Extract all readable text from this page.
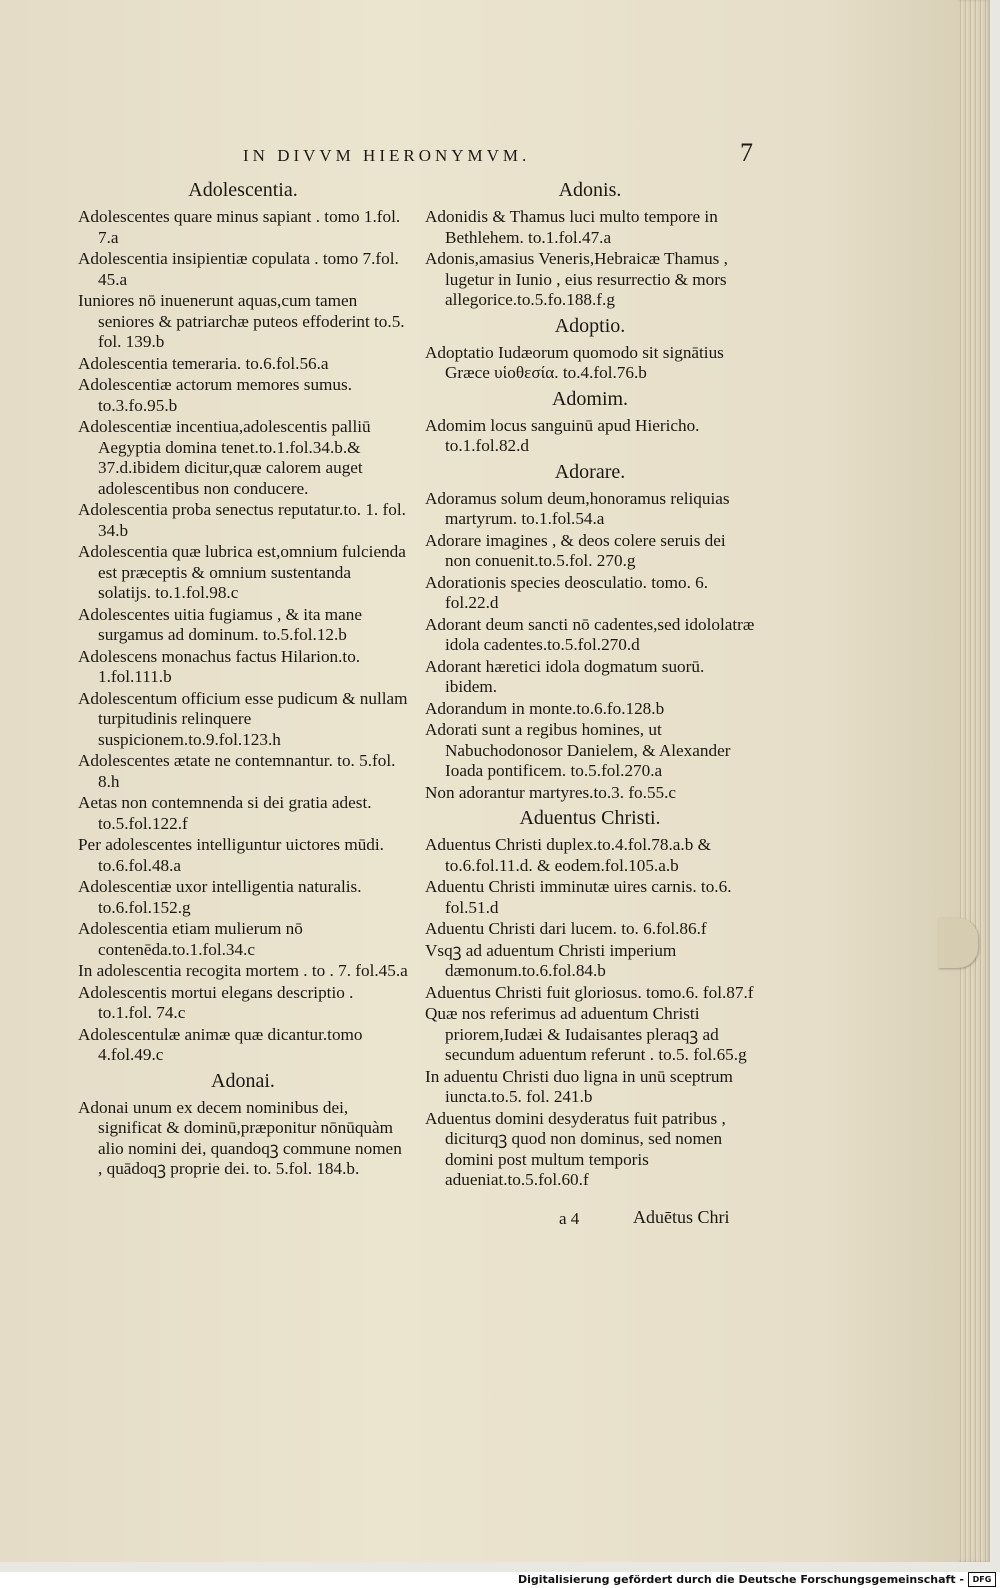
IN DIVVM HIERONYMVM.	7
Adolescentia.
Adolescentes quare minus sapiant . tomo 1.fol. 7.a
Adolescentia insipientiæ copulata . tomo 7.fol. 45.a
Iuniores nō inuenerunt aquas,cum tamen seniores & patriarchæ puteos effoderint to.5. fol. 139.b
Adolescentia temeraria. to.6.fol.56.a
Adolescentiæ actorum memores sumus. to.3.fo.95.b
Adolescentiæ incentiua,adolescentis palliū Aegyptia domina tenet.to.1.fol.34.b.& 37.d.ibidem dicitur,quæ calorem auget adolescentibus non conducere.
Adolescentia proba senectus reputatur.to. 1. fol. 34.b
Adolescentia quæ lubrica est,omnium fulcienda est præceptis & omnium sustentanda solatijs. to.1.fol.98.c
Adolescentes uitia fugiamus , & ita mane surgamus ad dominum. to.5.fol.12.b
Adolescens monachus factus Hilarion.to. 1.fol.111.b
Adolescentum officium esse pudicum & nullam turpitudinis relinquere suspicionem.to.9.fol.123.h
Adolescentes ætate ne contemnantur. to. 5.fol. 8.h
Aetas non contemnenda si dei gratia adest. to.5.fol.122.f
Per adolescentes intelliguntur uictores mūdi. to.6.fol.48.a
Adolescentiæ uxor intelligentia naturalis. to.6.fol.152.g
Adolescentia etiam mulierum nō contenēda.to.1.fol.34.c
In adolescentia recogita mortem . to . 7. fol.45.a
Adolescentis mortui elegans descriptio . to.1.fol. 74.c
Adolescentulæ animæ quæ dicantur.tomo 4.fol.49.c
Adonai.
Adonai unum ex decem nominibus dei, significat & dominū,præponitur nōnūquàm alio nomini dei, quandoqꝫ commune nomen , quādoqꝫ proprie dei. to. 5.fol. 184.b.
Adonis.
Adonidis & Thamus luci multo tempore in Bethlehem. to.1.fol.47.a
Adonis,amasius Veneris,Hebraicæ Thamus , lugetur in Iunio , eius resurrectio & mors allegorice.to.5.fo.188.f.g
Adoptio.
Adoptatio Iudæorum quomodo sit signātius Græce υἱοθεσία. to.4.fol.76.b
Adomim.
Adomim locus sanguinū apud Hiericho. to.1.fol.82.d
Adorare.
Adoramus solum deum,honoramus reliquias martyrum. to.1.fol.54.a
Adorare imagines , & deos colere seruis dei non conuenit.to.5.fol. 270.g
Adorationis species deosculatio. tomo. 6. fol.22.d
Adorant deum sancti nō cadentes,sed idololatræ idola cadentes.to.5.fol.270.d
Adorant hæretici idola dogmatum suorū. ibidem.
Adorandum in monte.to.6.fo.128.b
Adorati sunt a regibus homines, ut Nabuchodonosor Danielem, & Alexander Ioada pontificem. to.5.fol.270.a
Non adorantur martyres.to.3. fo.55.c
Aduentus Christi.
Aduentus Christi duplex.to.4.fol.78.a.b & to.6.fol.11.d. & eodem.fol.105.a.b
Aduentu Christi imminutæ uires carnis. to.6. fol.51.d
Aduentu Christi dari lucem. to. 6.fol.86.f
Vsqꝫ ad aduentum Christi imperium dæmonum.to.6.fol.84.b
Aduentus Christi fuit gloriosus. tomo.6. fol.87.f
Quæ nos referimus ad aduentum Christi priorem,Iudæi & Iudaisantes pleraqꝫ ad secundum aduentum referunt . to.5. fol.65.g
In aduentu Christi duo ligna in unū sceptrum iuncta.to.5. fol. 241.b
Aduentus domini desyderatus fuit patribus , diciturqꝫ quod non dominus, sed nomen domini post multum temporis adueniat.to.5.fol.60.f
a 4	Aduētus Chri
Digitalisierung gefördert durch die Deutsche Forschungsgemeinschaft -	DFG
